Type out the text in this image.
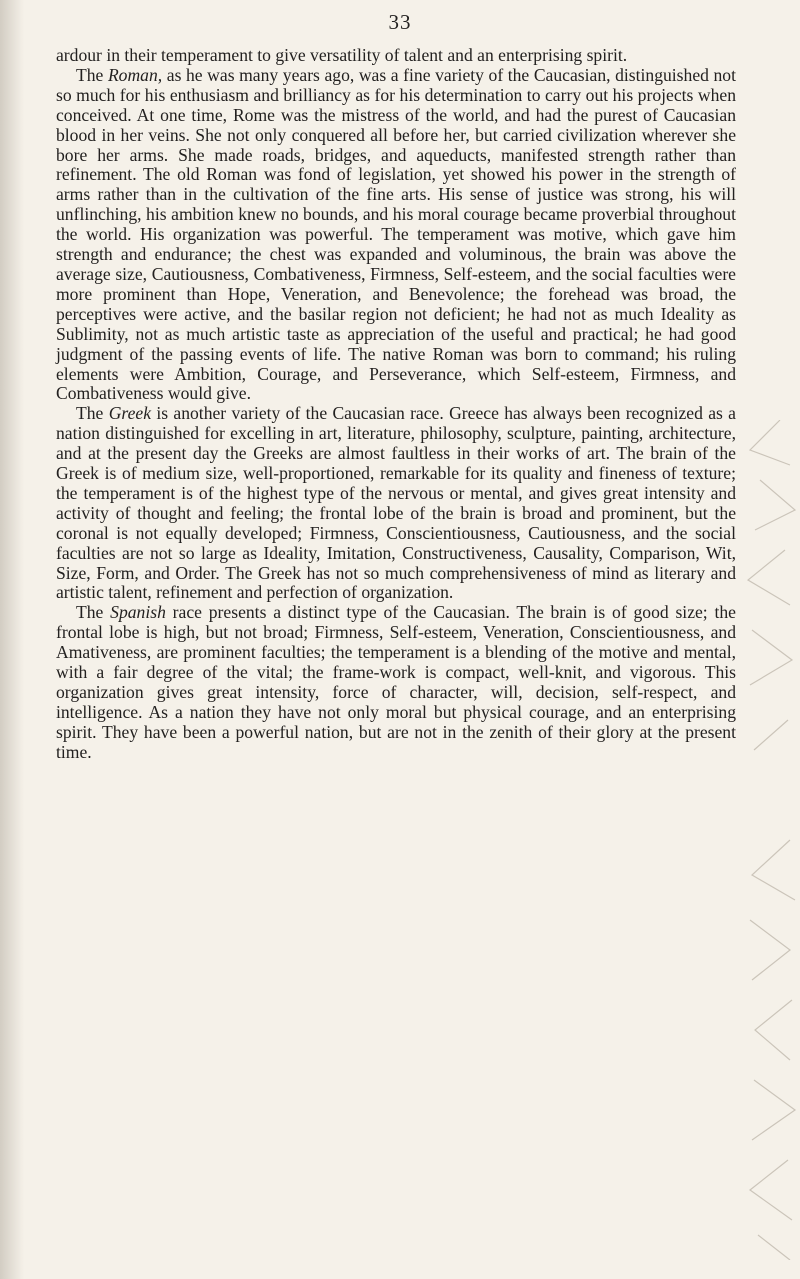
33

ardour in their temperament to give versatility of talent and an enterprising spirit.

The Roman, as he was many years ago, was a fine variety of the Caucasian, distinguished not so much for his enthusiasm and brilliancy as for his determination to carry out his projects when conceived. At one time, Rome was the mistress of the world, and had the purest of Caucasian blood in her veins. She not only conquered all before her, but carried civilization wherever she bore her arms. She made roads, bridges, and aqueducts, manifested strength rather than refinement. The old Roman was fond of legislation, yet showed his power in the strength of arms rather than in the cultivation of the fine arts. His sense of justice was strong, his will unflinching, his ambition knew no bounds, and his moral courage became proverbial throughout the world. His organization was powerful. The temperament was motive, which gave him strength and endurance; the chest was expanded and voluminous, the brain was above the average size, Cautiousness, Combativeness, Firmness, Self-esteem, and the social faculties were more prominent than Hope, Veneration, and Benevolence; the forehead was broad, the perceptives were active, and the basilar region not deficient; he had not as much Ideality as Sublimity, not as much artistic taste as appreciation of the useful and practical; he had good judgment of the passing events of life. The native Roman was born to command; his ruling elements were Ambition, Courage, and Perseverance, which Self-esteem, Firmness, and Combativeness would give.

The Greek is another variety of the Caucasian race. Greece has always been recognized as a nation distinguished for excelling in art, literature, philosophy, sculpture, painting, architecture, and at the present day the Greeks are almost faultless in their works of art. The brain of the Greek is of medium size, well-proportioned, remarkable for its quality and fineness of texture; the temperament is of the highest type of the nervous or mental, and gives great intensity and activity of thought and feeling; the frontal lobe of the brain is broad and prominent, but the coronal is not equally developed; Firmness, Conscientiousness, Cautiousness, and the social faculties are not so large as Ideality, Imitation, Constructiveness, Causality, Comparison, Wit, Size, Form, and Order. The Greek has not so much comprehensiveness of mind as literary and artistic talent, refinement and perfection of organization.

The Spanish race presents a distinct type of the Caucasian. The brain is of good size; the frontal lobe is high, but not broad; Firmness, Self-esteem, Veneration, Conscientiousness, and Amativeness, are prominent faculties; the temperament is a blending of the motive and mental, with a fair degree of the vital; the frame-work is compact, well-knit, and vigorous. This organization gives great intensity, force of character, will, decision, self-respect, and intelligence. As a nation they have not only moral but physical courage, and an enterprising spirit. They have been a powerful nation, but are not in the zenith of their glory at the present time.
